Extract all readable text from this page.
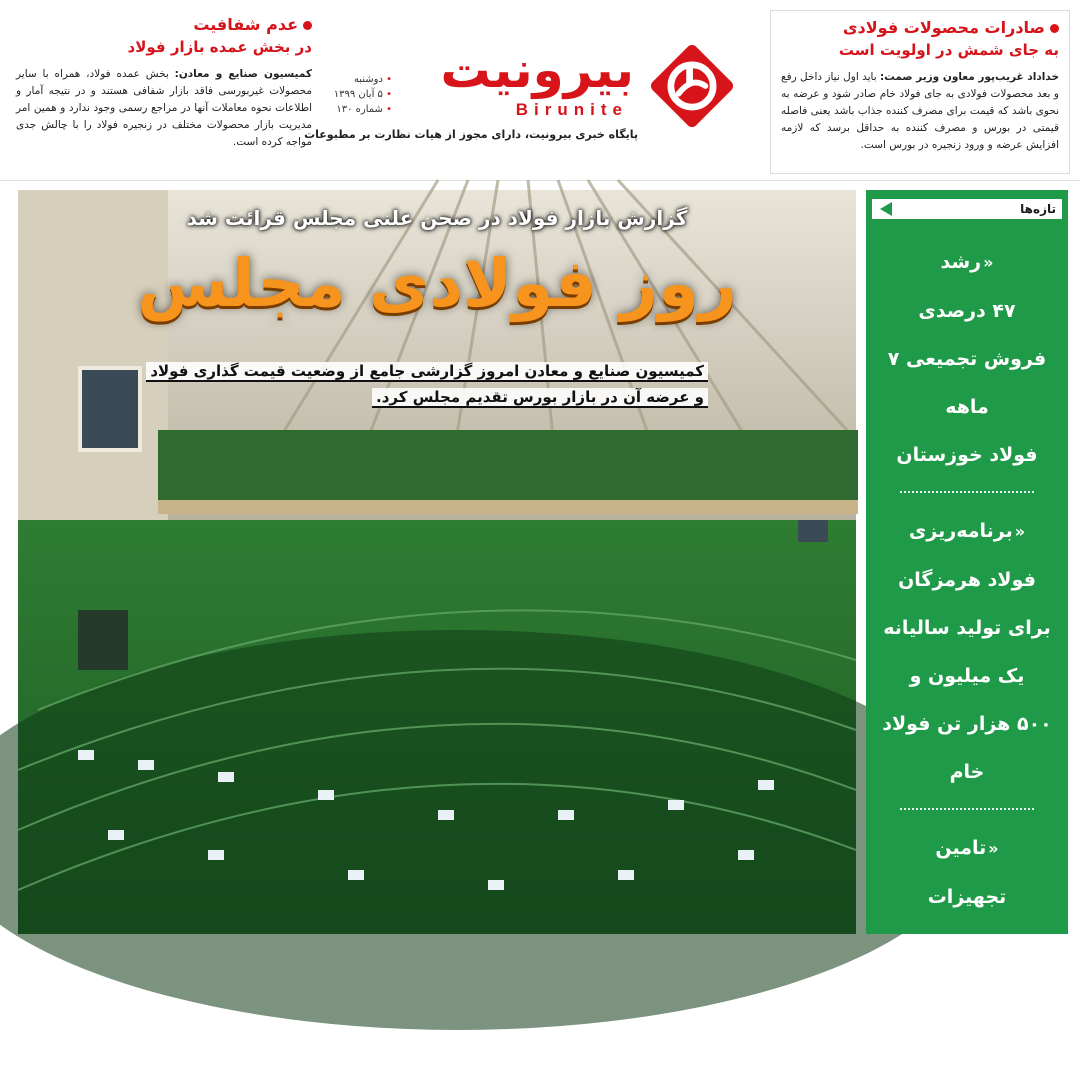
صادرات محصولات فولادی
به جای شمش در اولویت است

خداداد غریب‌پور معاون وزیر صمت: باید اول نیاز داخل رفع و بعد محصولات فولادی به جای فولاد خام صادر شود و عرضه به نحوی باشد که قیمت برای مصرف کننده جذاب باشد یعنی فاصله قیمتی در بورس و مصرف کننده به حداقل برسد که لازمه افزایش عرضه و ورود زنجیره در بورس است.

بیرونیت
Birunite
پایگاه خبری بیرونیت، دارای مجوز از هیات نظارت بر مطبوعات
• دوشنبه
• ۵ آبان ۱۳۹۹
• شماره ۱۳۰
عدم شفافیت
در بخش عمده بازار فولاد

کمیسیون صنایع و معادن: بخش عمده فولاد، همراه با سایر محصولات غیربورسی فاقد بازار شفافی هستند و در نتیجه آمار و اطلاعات نحوه معاملات آنها در مراجع رسمی وجود ندارد و همین امر مدیریت بازار محصولات مختلف در زنجیره فولاد را با چالش جدی مواجه کرده است.

گزارش بازار فولاد در صحن علنی مجلس قرائت شد
روز فولادی مجلس
کمیسیون صنایع و معادن امروز گزارشی جامع از وضعیت قیمت گذاری فولاد و عرضه آن در بازار بورس تقدیم مجلس کرد.
تازه‌ها
«رشد
۴۷ درصدی
فروش تجمیعی ۷ ماهه
فولاد خوزستان
«برنامه‌ریزی
فولاد هرمزگان
برای تولید سالیانه
یک میلیون و
۵۰۰ هزار تن فولاد خام
«تامین
تجهیزات فولادسازی
سفید دشت
تا پایان امسال
